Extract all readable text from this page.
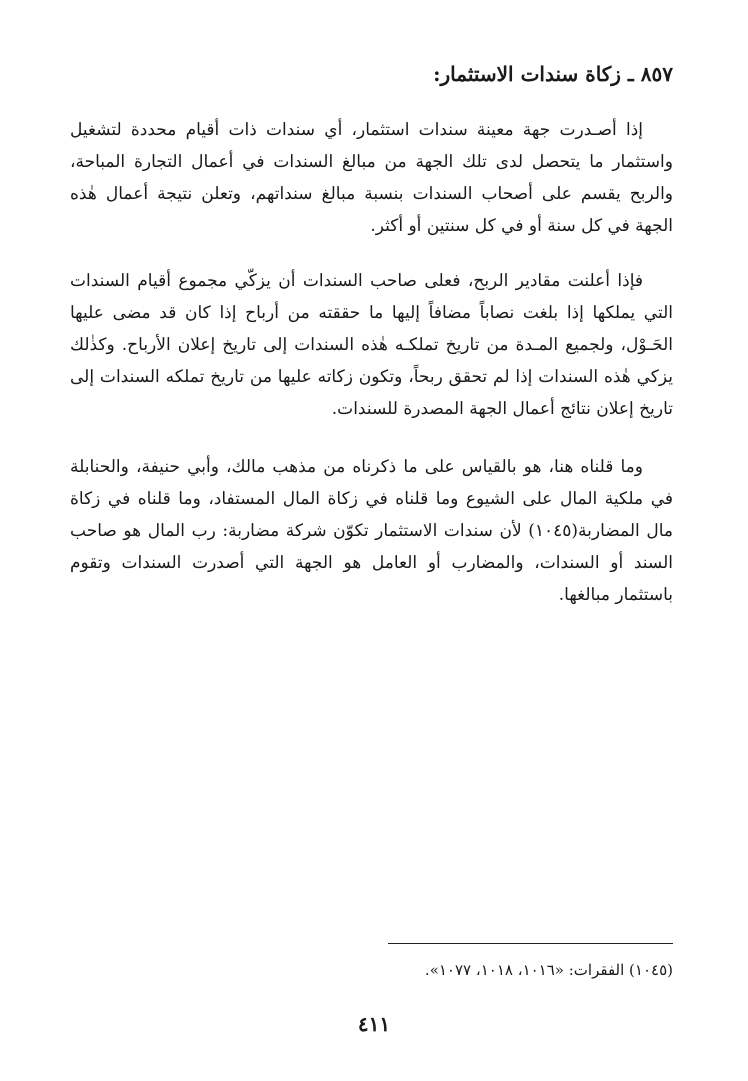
٨٥٧ ـ زكاة سندات الاستثمار:

إذا أصـدرت جهة معينة سندات استثمار، أي سندات ذات أقيام محددة لتشغيل واستثمار ما يتحصل لدى تلك الجهة من مبالغ السندات في أعمال التجارة المباحة، والربح يقسم على أصحاب السندات بنسبة مبالغ سنداتهم، وتعلن نتيجة أعمال هٰذه الجهة في كل سنة أو في كل سنتين أو أكثر.

فإذا أعلنت مقادير الربح، فعلى صاحب السندات أن يزكّي مجموع أقيام السندات التي يملكها إذا بلغت نصاباً مضافاً إليها ما حققته من أرباح إذا كان قد مضى عليها الحَـوْل، ولجميع المـدة من تاريخ تملكـه هٰذه السندات إلى تاريخ إعلان الأرباح. وكذٰلك يزكي هٰذه السندات إذا لم تحقق ربحاً، وتكون زكاته عليها من تاريخ تملكه السندات إلى تاريخ إعلان نتائج أعمال الجهة المصدرة للسندات.

وما قلناه هنا، هو بالقياس على ما ذكرناه من مذهب مالك، وأبي حنيفة، والحنابلة في ملكية المال على الشيوع وما قلناه في زكاة المال المستفاد، وما قلناه في زكاة مال المضاربة(١٠٤٥) لأن سندات الاستثمار تكوّن شركة مضاربة: رب المال هو صاحب السند أو السندات، والمضارب أو العامل هو الجهة التي أصدرت السندات وتقوم باستثمار مبالغها.

(١٠٤٥) الفقرات: «١٠١٦، ١٠١٨، ١٠٧٧».
٤١١
